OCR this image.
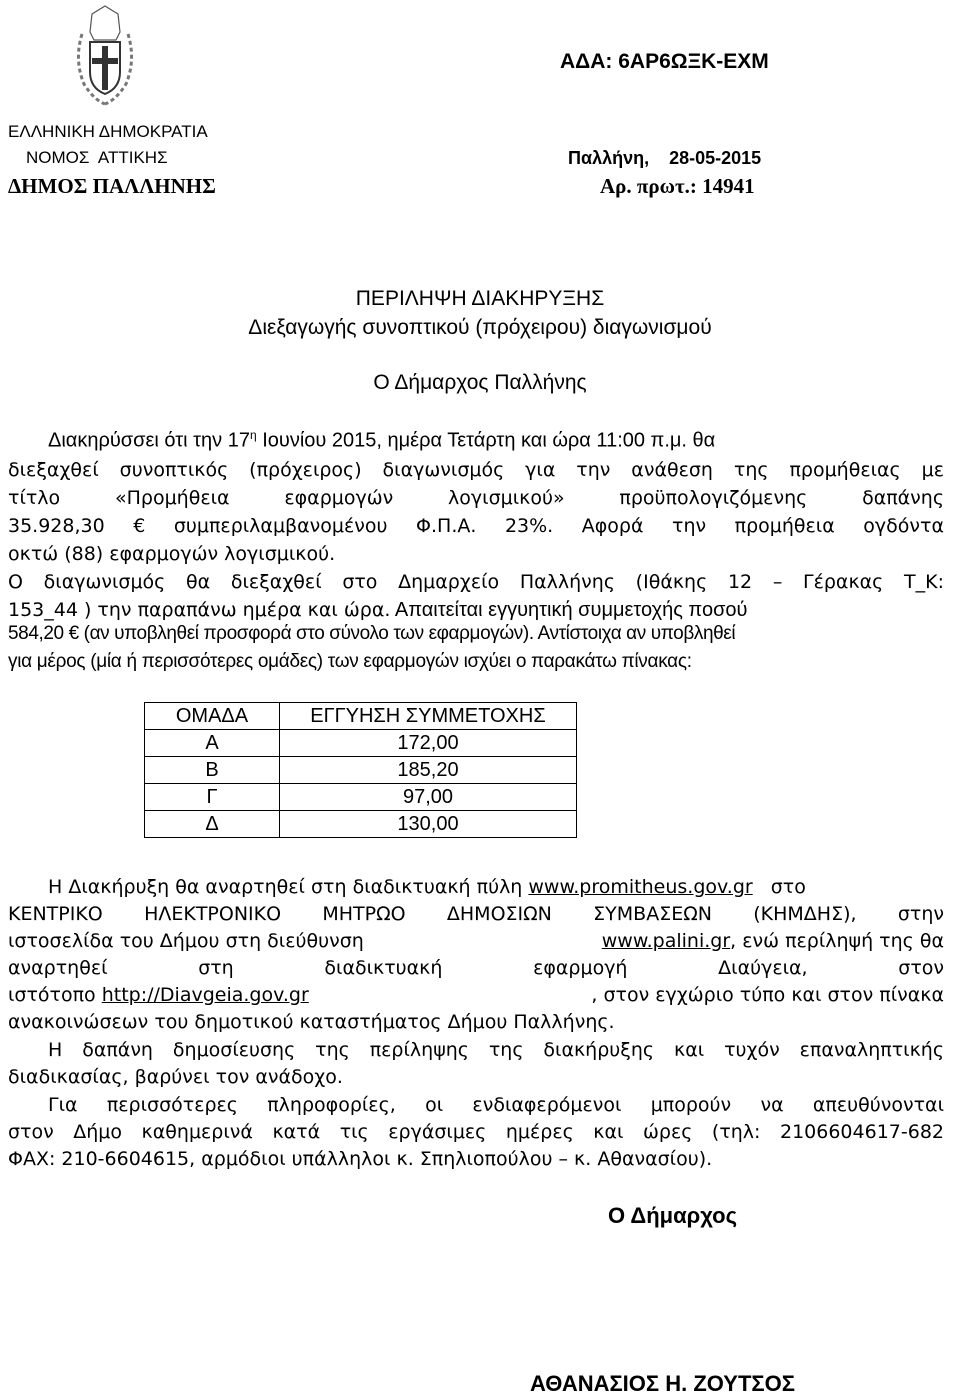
ΑΔΑ: 6ΑΡ6ΩΞΚ-ΕΧΜ
ΕΛΛΗΝΙΚΗ ΔΗΜΟΚΡΑΤΙΑ
ΝΟΜΟΣ  ΑΤΤΙΚΗΣ
ΔΗΜΟΣ ΠΑΛΛΗΝΗΣ
Παλλήνη,    28-05-2015
Αρ. πρωτ.: 14941
ΠΕΡΙΛΗΨΗ ΔΙΑΚΗΡΥΞΗΣ
Διεξαγωγής συνοπτικού (πρόχειρου) διαγωνισμού
Ο Δήμαρχος Παλλήνης
Διακηρύσσει ότι την $17^\eta$ Ιουνίου 2015, ημέρα Τετάρτη και ώρα 11:00 π.μ. θα
διεξαχθεί συνοπτικός (πρόχειρος) διαγωνισμός για την ανάθεση της προμήθειας με
τίτλο «Προμήθεια εφαρμογών λογισμικού» προϋπολογιζόμενης δαπάνης
35.928,30 € συμπεριλαμβανομένου Φ.Π.Α. 23%. Αφορά την προμήθεια ογδόντα
οκτώ (88) εφαρμογών λογισμικού.
Ο διαγωνισμός θα διεξαχθεί στο Δημαρχείο Παλλήνης (Ιθάκης 12 – Γέρακας Τ_Κ:
153_44 ) την παραπάνω ημέρα και ώρα. Απαιτείται εγγυητική συμμετοχής ποσού
584,20 € (αν υποβληθεί προσφορά στο σύνολο των εφαρμογών). Αντίστοιχα αν υποβληθεί
για μέρος (μία ή περισσότερες ομάδες) των εφαρμογών ισχύει ο παρακάτω πίνακας:
ΟΜΑΔΑ	ΕΓΓΥΗΣΗ ΣΥΜΜΕΤΟΧΗΣ
Α	172,00
Β	185,20
Γ	97,00
Δ	130,00
Η Διακήρυξη θα αναρτηθεί στη διαδικτυακή πύλη www.promitheus.gov.gr στο
ΚΕΝΤΡΙΚΟ ΗΛΕΚΤΡΟΝΙΚΟ ΜΗΤΡΩΟ ΔΗΜΟΣΙΩΝ ΣΥΜΒΑΣΕΩΝ (ΚΗΜΔΗΣ), στην
ιστοσελίδα του Δήμου στη διεύθυνση	www.palini.gr, ενώ περίληψή της θα
αναρτηθεί στη διαδικτυακή εφαρμογή Διαύγεια, στον
ιστότοπο http://Diavgeia.gov.gr	, στον εγχώριο τύπο και στον πίνακα
ανακοινώσεων του δημοτικού καταστήματος Δήμου Παλλήνης.
Η δαπάνη δημοσίευσης της περίληψης της διακήρυξης και τυχόν επαναληπτικής
διαδικασίας, βαρύνει τον ανάδοχο.
Για περισσότερες πληροφορίες, οι ενδιαφερόμενοι μπορούν να απευθύνονται
στον Δήμο καθημερινά κατά τις εργάσιμες ημέρες και ώρες (τηλ: 2106604617-682
ΦΑΧ: 210-6604615, αρμόδιοι υπάλληλοι κ. Σπηλιοπούλου – κ. Αθανασίου).
Ο Δήμαρχος
ΑΘΑΝΑΣΙΟΣ Η. ΖΟΥΤΣΟΣ
